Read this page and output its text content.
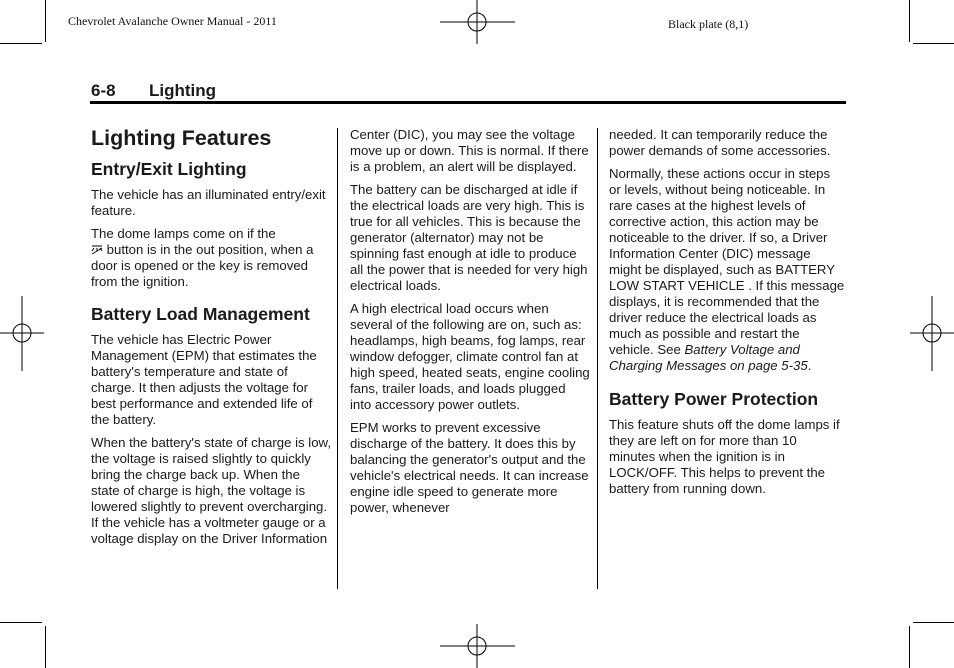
Chevrolet Avalanche Owner Manual - 2011	Black plate (8,1)
6-8 Lighting
Lighting Features
Entry/Exit Lighting

The vehicle has an illuminated entry/exit feature.

The dome lamps come on if the
button is in the out position, when a door is opened or the key is removed from the ignition.

Battery Load Management

The vehicle has Electric Power Management (EPM) that estimates the battery's temperature and state of charge. It then adjusts the voltage for best performance and extended life of the battery.

When the battery's state of charge is low, the voltage is raised slightly to quickly bring the charge back up. When the state of charge is high, the voltage is lowered slightly to prevent overcharging. If the vehicle has a voltmeter gauge or a voltage display on the Driver Information

Center (DIC), you may see the voltage move up or down. This is normal. If there is a problem, an alert will be displayed.

The battery can be discharged at idle if the electrical loads are very high. This is true for all vehicles. This is because the generator (alternator) may not be spinning fast enough at idle to produce all the power that is needed for very high electrical loads.

A high electrical load occurs when several of the following are on, such as: headlamps, high beams, fog lamps, rear window defogger, climate control fan at high speed, heated seats, engine cooling fans, trailer loads, and loads plugged into accessory power outlets.

EPM works to prevent excessive discharge of the battery. It does this by balancing the generator's output and the vehicle's electrical needs. It can increase engine idle speed to generate more power, whenever

needed. It can temporarily reduce the power demands of some accessories.

Normally, these actions occur in steps or levels, without being noticeable. In rare cases at the highest levels of corrective action, this action may be noticeable to the driver. If so, a Driver Information Center (DIC) message might be displayed, such as BATTERY LOW START VEHICLE . If this message displays, it is recommended that the driver reduce the electrical loads as much as possible and restart the vehicle. See Battery Voltage and Charging Messages on page 5-35.

Battery Power Protection

This feature shuts off the dome lamps if they are left on for more than 10 minutes when the ignition is in LOCK/OFF. This helps to prevent the battery from running down.
